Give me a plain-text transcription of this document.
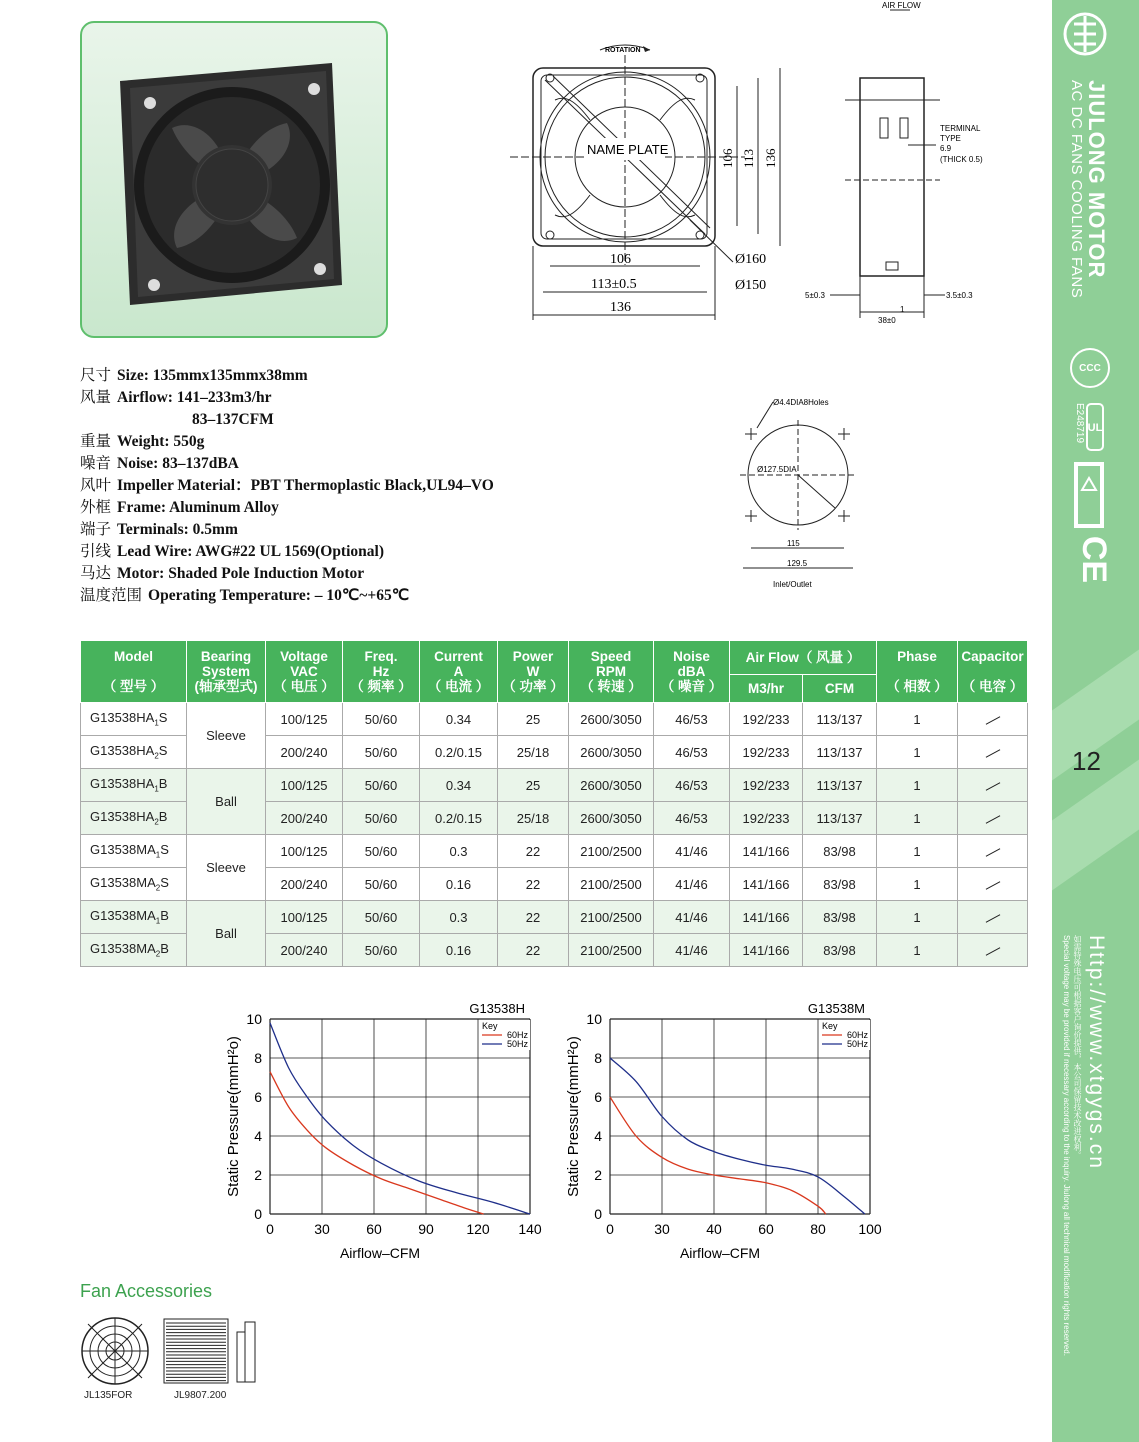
JIULONG MOTOR
AC DC FANS COOLING FANS
CCC
E248719 UL
CE
12
Http://www.xtgygs.cn
如需特殊电压可根据客户询价提供，本公司保留技术改进权利。
Special voltage may be provided if necessary according to the inquiry. Jiulong all technical modification rights reserved.
ROTATION
NAME PLATE	106 113 136
106
113±0.5
136
Ø160
Ø150
AIR FLOW
TERMINAL
TYPE
6.9
(THICK 0.5)
5±0.3	3.5±0.3
38±0
1
Ø4.4DIA8Holes
Ø127.5DIA
115
129.5
Inlet/Outlet
尺寸 Size: 135mmx135mmx38mm
风量 Airflow: 141–233m3/hr
83–137CFM
重量 Weight: 550g
噪音 Noise: 83–137dBA
风叶 Impeller Material：PBT Thermoplastic Black,UL94–VO
外框 Frame: Aluminum Alloy
端子 Terminals: 0.5mm
引线 Lead Wire: AWG#22 UL 1569(Optional)
马达 Motor: Shaded Pole Induction Motor
温度范围 Operating Temperature: – 10℃~+65℃
Model

（ 型号 ）	Bearing
System
(轴承型式)	Voltage
VAC
（ 电压 ）	Freq.
Hz
（ 频率 ）	Current
A
（ 电流 ）	Power
W
（ 功率 ）	Speed
RPM
（ 转速 ）	Noise
dBA
（ 噪音 ）	Air Flow（ 风量 ）		Phase

（ 相数 ）	Capacitor

（ 电容 ）
								M3/hr	CFM		
$G13538HA_1S$	Sleeve	100/125	50/60	0.34	25	2600/3050	46/53	192/233	113/137	1	
$G13538HA_2S$		200/240	50/60	0.2/0.15	25/18	2600/3050	46/53	192/233	113/137	1	
$G13538HA_1B$	Ball	100/125	50/60	0.34	25	2600/3050	46/53	192/233	113/137	1	
$G13538HA_2B$		200/240	50/60	0.2/0.15	25/18	2600/3050	46/53	192/233	113/137	1	
$G13538MA_1S$	Sleeve	100/125	50/60	0.3	22	2100/2500	41/46	141/166	83/98	1	
$G13538MA_2S$		200/240	50/60	0.16	22	2100/2500	41/46	141/166	83/98	1	
$G13538MA_1B$	Ball	100/125	50/60	0.3	22	2100/2500	41/46	141/166	83/98	1	
$G13538MA_2B$		200/240	50/60	0.16	22	2100/2500	41/46	141/166	83/98	1	
0	30	60	90 120 140
0
2
4
6
8
10
Airflow–CFM
Static Pressure(mmH²o)
G13538H
Key
60Hz
50Hz
0	30	40	60	80 100
0
2
4
6
8
10
Airflow–CFM
Static Pressure(mmH²o)
G13538M
Key
60Hz
50Hz
Fan Accessories
JL135FOR	JL9807.200
